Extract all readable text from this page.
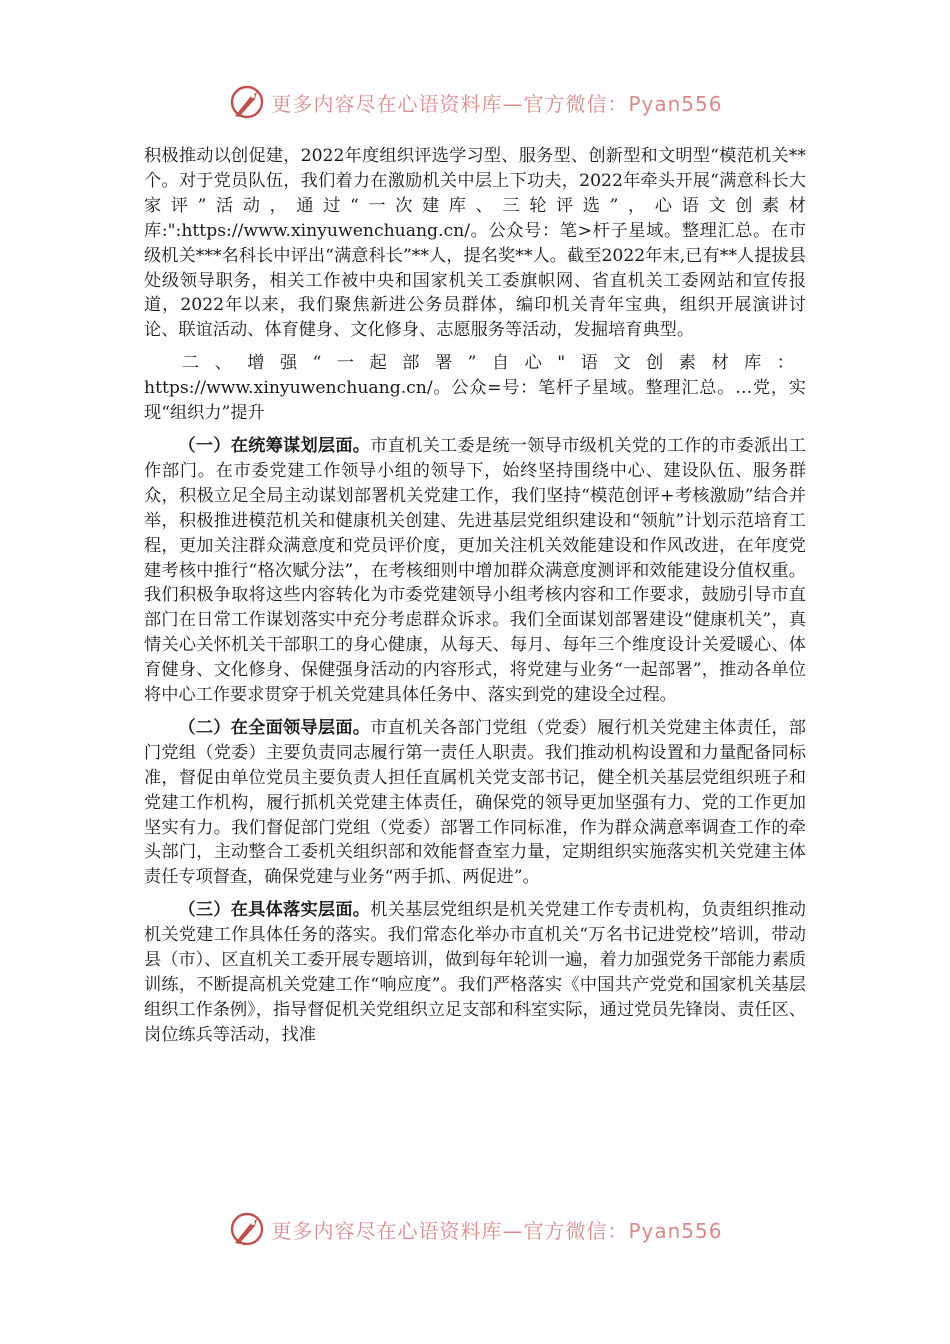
更多内容尽在心语资料库—官方微信：Pyan556

积极推动以创促建，2022年度组织评选学习型、服务型、创新型和文明型“模范机关**个。对于党员队伍，我们着力在激励机关中层上下功夫，2022年牵头开展“满意科长大家评”活动，通过“一次建库、三轮评选”，心语文创素材库:":https://www.xinyuwenchuang.cn/。公众号：笔>杆子星域。整理汇总。在市级机关***名科长中评出“满意科长”**人，提名奖**人。截至2022年末,已有**人提拔县处级领导职务，相关工作被中央和国家机关工委旗帜网、省直机关工委网站和宣传报道，2022年以来，我们聚焦新进公务员群体，编印机关青年宝典，组织开展演讲讨论、联谊活动、体育健身、文化修身、志愿服务等活动，发掘培育典型。

二、增强“一起部署”自心"语文创素材库：https://www.xinyuwenchuang.cn/。公众=号：笔杆子星域。整理汇总。…党，实现“组织力”提升

（一）在统筹谋划层面。市直机关工委是统一领导市级机关党的工作的市委派出工作部门。在市委党建工作领导小组的领导下，始终坚持围绕中心、建设队伍、服务群众，积极立足全局主动谋划部署机关党建工作，我们坚持“模范创评+考核激励”结合并举，积极推进模范机关和健康机关创建、先进基层党组织建设和“领航”计划示范培育工程，更加关注群众满意度和党员评价度，更加关注机关效能建设和作风改进，在年度党建考核中推行“格次赋分法”，在考核细则中增加群众满意度测评和效能建设分值权重。我们积极争取将这些内容转化为市委党建领导小组考核内容和工作要求，鼓励引导市直部门在日常工作谋划落实中充分考虑群众诉求。我们全面谋划部署建设“健康机关”，真情关心关怀机关干部职工的身心健康，从每天、每月、每年三个维度设计关爱暖心、体育健身、文化修身、保健强身活动的内容形式，将党建与业务“一起部署”，推动各单位将中心工作要求贯穿于机关党建具体任务中、落实到党的建设全过程。

（二）在全面领导层面。市直机关各部门党组（党委）履行机关党建主体责任，部门党组（党委）主要负责同志履行第一责任人职责。我们推动机构设置和力量配备同标准，督促由单位党员主要负责人担任直属机关党支部书记，健全机关基层党组织班子和党建工作机构，履行抓机关党建主体责任，确保党的领导更加坚强有力、党的工作更加坚实有力。我们督促部门党组（党委）部署工作同标准，作为群众满意率调查工作的牵头部门，主动整合工委机关组织部和效能督查室力量，定期组织实施落实机关党建主体责任专项督查，确保党建与业务“两手抓、两促进”。

（三）在具体落实层面。机关基层党组织是机关党建工作专责机构，负责组织推动机关党建工作具体任务的落实。我们常态化举办市直机关“万名书记进党校”培训，带动县（市）、区直机关工委开展专题培训，做到每年轮训一遍，着力加强党务干部能力素质训练，不断提高机关党建工作“响应度”。我们严格落实《中国共产党党和国家机关基层组织工作条例》，指导督促机关党组织立足支部和科室实际，通过党员先锋岗、责任区、岗位练兵等活动，找准

更多内容尽在心语资料库—官方微信：Pyan556
